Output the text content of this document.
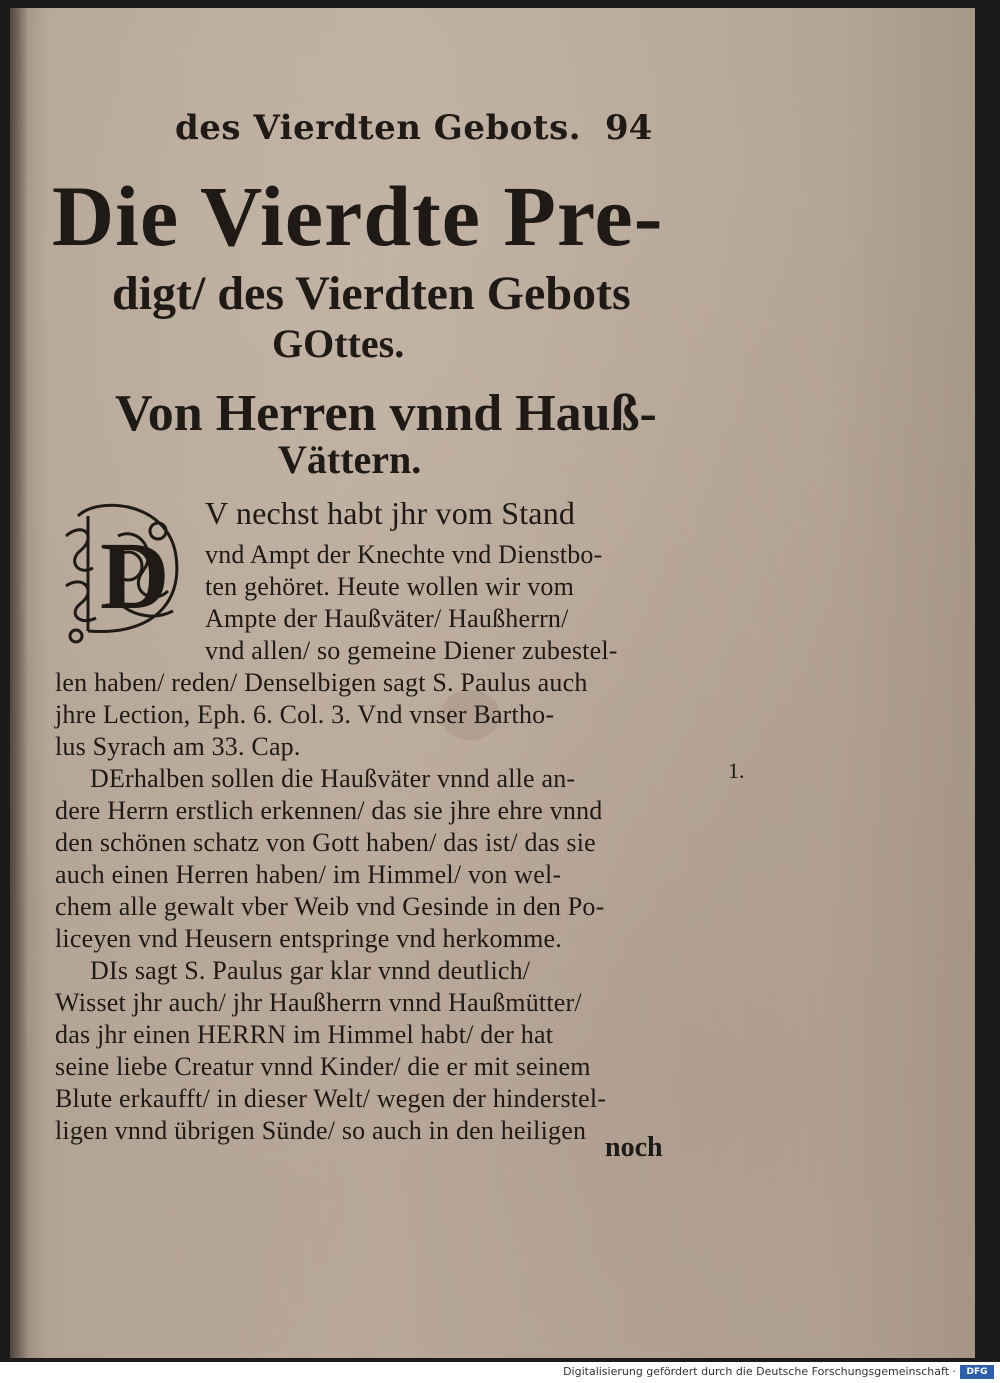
des Vierdten Gebots. 94
Die Vierdte Pre-
digt/ des Vierdten Gebots
GOttes.
Von Herren vnnd Hauß-
Vättern.
D
V nechst habt jhr vom Stand
vnd Ampt der Knechte vnd Dienstbo-
ten gehöret. Heute wollen wir vom
Ampte der Haußväter/ Haußherrn/
vnd allen/ so gemeine Diener zubestel-
len haben/ reden/ Denselbigen sagt S. Paulus auch
jhre Lection, Eph. 6. Col. 3. Vnd vnser Bartho-
lus Syrach am 33. Cap.
DErhalben sollen die Haußväter vnnd alle an-
dere Herrn erstlich erkennen/ das sie jhre ehre vnnd
den schönen schatz von Gott haben/ das ist/ das sie
auch einen Herren haben/ im Himmel/ von wel-
chem alle gewalt vber Weib vnd Gesinde in den Po-
liceyen vnd Heusern entspringe vnd herkomme.
DIs sagt S. Paulus gar klar vnnd deutlich/
Wisset jhr auch/ jhr Haußherrn vnnd Haußmütter/
das jhr einen HERRN im Himmel habt/ der hat
seine liebe Creatur vnnd Kinder/ die er mit seinem
Blute erkaufft/ in dieser Welt/ wegen der hinderstel-
ligen vnnd übrigen Sünde/ so auch in den heiligen
1.
noch
Digitalisierung gefördert durch die Deutsche Forschungsgemeinschaft ·	DFG
